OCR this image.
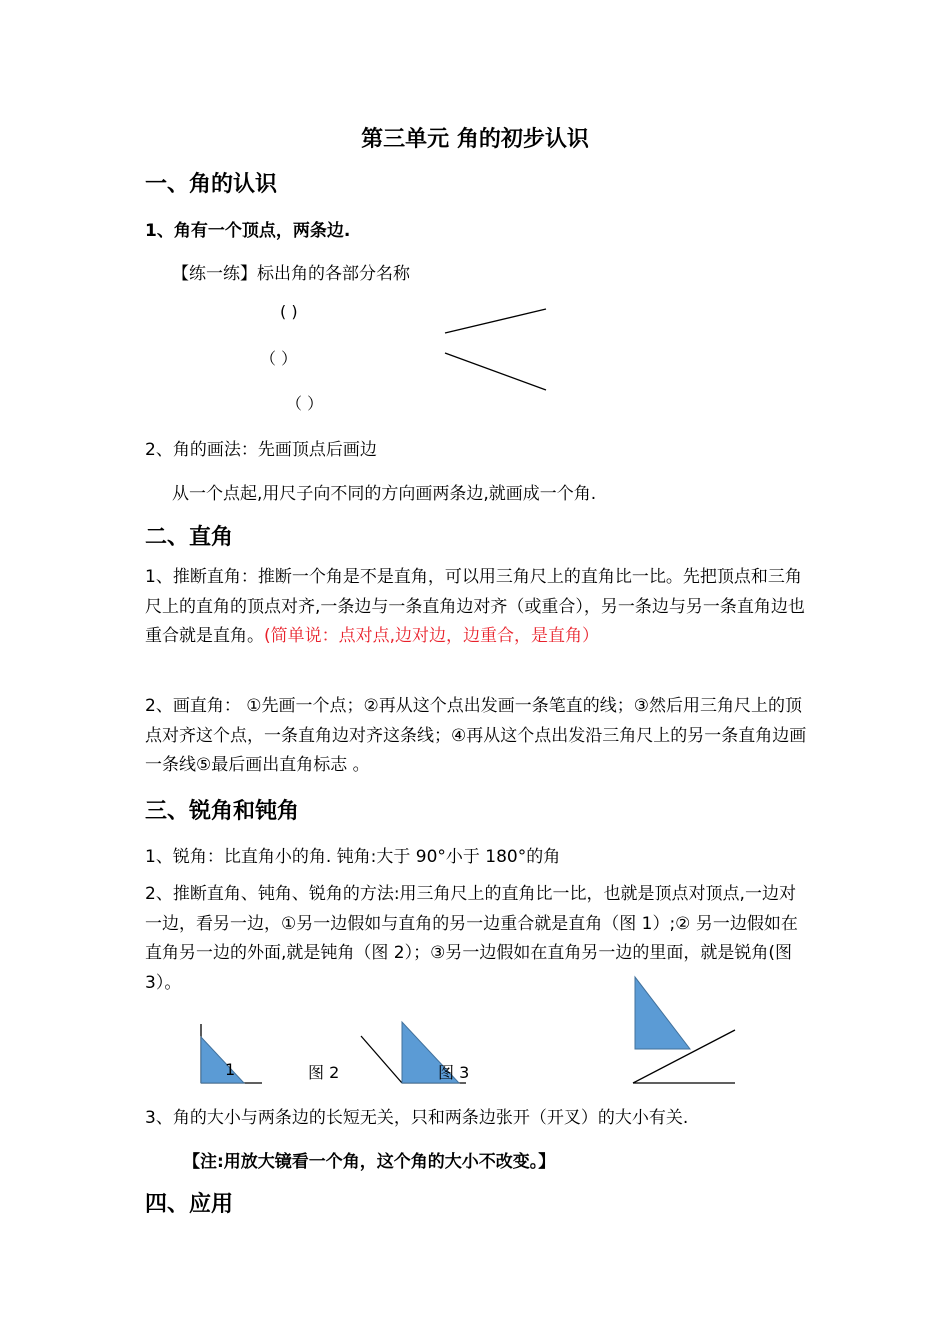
第三单元 角的初步认识
一、角的认识
1、角有一个顶点，两条边.
【练一练】标出角的各部分名称
( )
（ ）
（ ）
2、角的画法：先画顶点后画边
从一个点起,用尺子向不同的方向画两条边,就画成一个角.
二、直角
1、推断直角：推断一个角是不是直角，可以用三角尺上的直角比一比。先把顶点和三角尺上的直角的顶点对齐,一条边与一条直角边对齐（或重合），另一条边与另一条直角边也重合就是直角。(简单说：点对点,边对边，边重合，是直角）
2、画直角： ①先画一个点；②再从这个点出发画一条笔直的线；③然后用三角尺上的顶点对齐这个点，一条直角边对齐这条线；④再从这个点出发沿三角尺上的另一条直角边画一条线⑤最后画出直角标志 。
三、锐角和钝角
1、锐角：比直角小的角. 钝角:大于 90°小于 180°的角
2、推断直角、钝角、锐角的方法:用三角尺上的直角比一比，也就是顶点对顶点,一边对一边，看另一边，①另一边假如与直角的另一边重合就是直角（图 1）;② 另一边假如在直角另一边的外面,就是钝角（图 2）；③另一边假如在直角另一边的里面，就是锐角(图 3）。
1	图 2	图 3
3、角的大小与两条边的长短无关，只和两条边张开（开叉）的大小有关.
【注:用放大镜看一个角，这个角的大小不改变。】
四、应用
